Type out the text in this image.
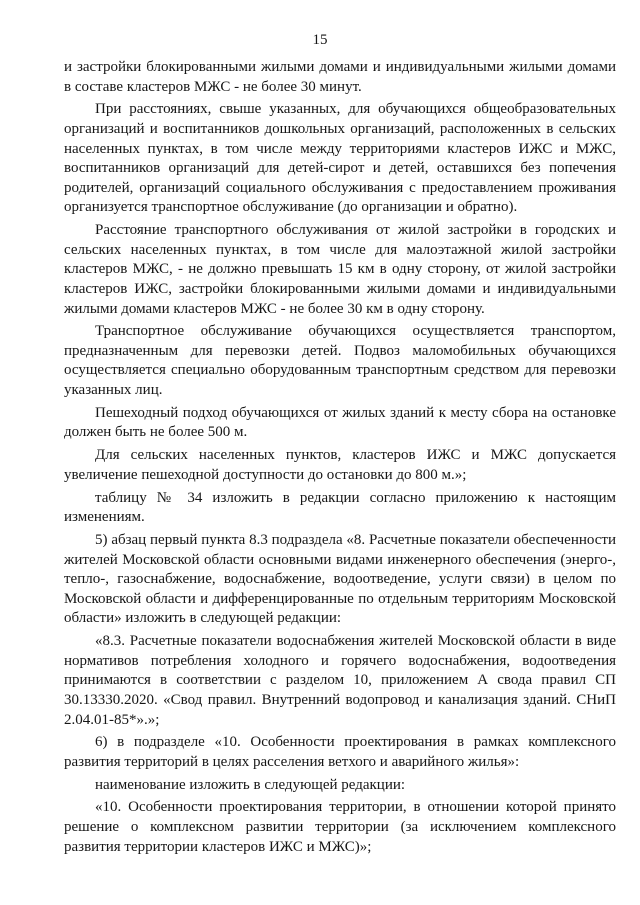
15

и застройки блокированными жилыми домами и индивидуальными жилыми домами в составе кластеров МЖС - не более 30 минут.

При расстояниях, свыше указанных, для обучающихся общеобразовательных организаций и воспитанников дошкольных организаций, расположенных в сельских населенных пунктах, в том числе между территориями кластеров ИЖС и МЖС, воспитанников организаций для детей-сирот и детей, оставшихся без попечения родителей, организаций социального обслуживания с предоставлением проживания организуется транспортное обслуживание (до организации и обратно).

Расстояние транспортного обслуживания от жилой застройки в городских и сельских населенных пунктах, в том числе для малоэтажной жилой застройки кластеров МЖС, - не должно превышать 15 км в одну сторону, от жилой застройки кластеров ИЖС, застройки блокированными жилыми домами и индивидуальными жилыми домами кластеров МЖС - не более 30 км в одну сторону.

Транспортное обслуживание обучающихся осуществляется транспортом, предназначенным для перевозки детей. Подвоз маломобильных обучающихся осуществляется специально оборудованным транспортным средством для перевозки указанных лиц.

Пешеходный подход обучающихся от жилых зданий к месту сбора на остановке должен быть не более 500 м.

Для сельских населенных пунктов, кластеров ИЖС и МЖС допускается увеличение пешеходной доступности до остановки до 800 м.»;

таблицу № 34 изложить в редакции согласно приложению к настоящим изменениям.

5) абзац первый пункта 8.3 подраздела «8. Расчетные показатели обеспеченности жителей Московской области основными видами инженерного обеспечения (энерго-, тепло-, газоснабжение, водоснабжение, водоотведение, услуги связи) в целом по Московской области и дифференцированные по отдельным территориям Московской области» изложить в следующей редакции:

«8.3. Расчетные показатели водоснабжения жителей Московской области в виде нормативов потребления холодного и горячего водоснабжения, водоотведения принимаются в соответствии с разделом 10, приложением А свода правил СП 30.13330.2020. «Свод правил. Внутренний водопровод и канализация зданий. СНиП 2.04.01-85*».»;

6) в подразделе «10. Особенности проектирования в рамках комплексного развития территорий в целях расселения ветхого и аварийного жилья»:

наименование изложить в следующей редакции:

«10. Особенности проектирования территории, в отношении которой принято решение о комплексном развитии территории (за исключением комплексного развития территории кластеров ИЖС и МЖС)»;
